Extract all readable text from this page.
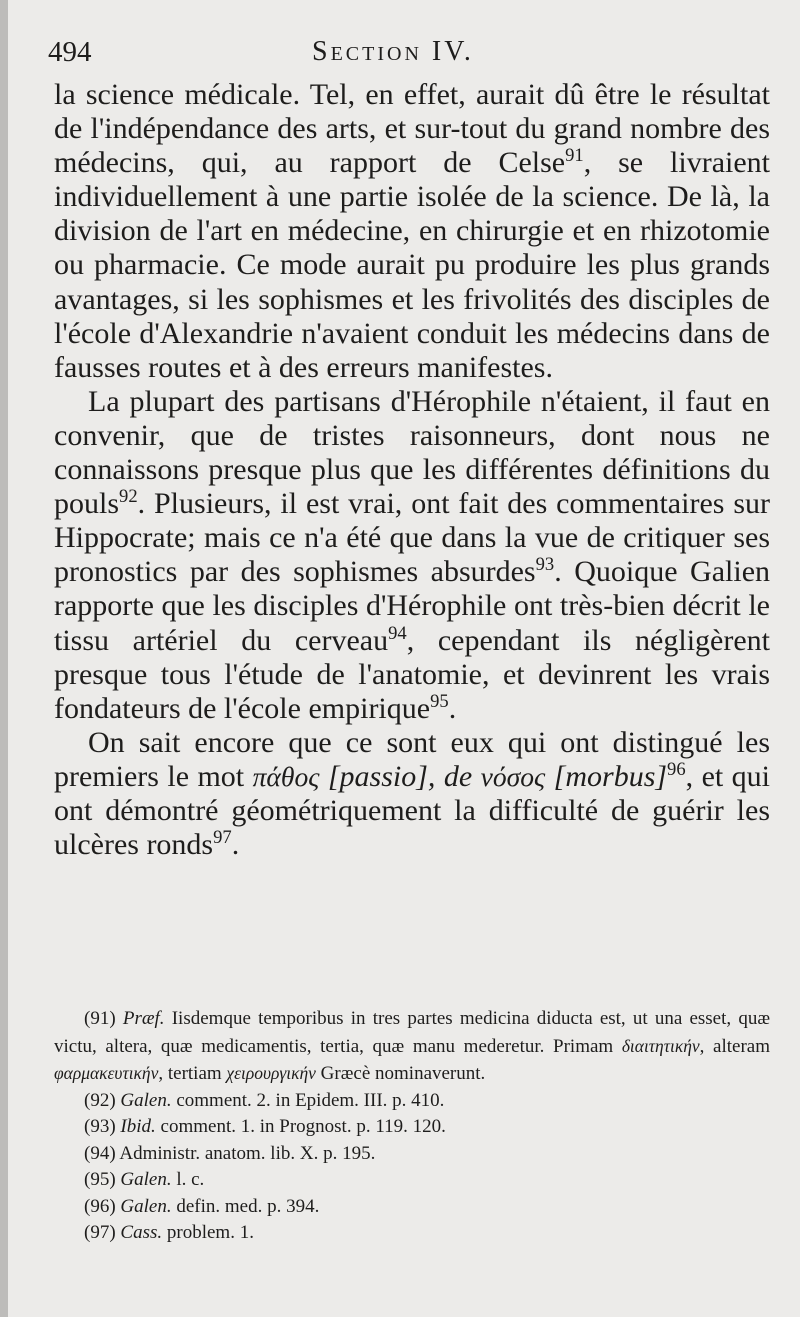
494	Section IV.

la science médicale. Tel, en effet, aurait dû être le résultat de l'indépendance des arts, et sur-tout du grand nombre des médecins, qui, au rapport de Celse$^{91}$, se livraient individuellement à une partie isolée de la science. De là, la division de l'art en médecine, en chirurgie et en rhizotomie ou pharmacie. Ce mode aurait pu produire les plus grands avantages, si les sophismes et les frivolités des disciples de l'école d'Alexandrie n'avaient conduit les médecins dans de fausses routes et à des erreurs manifestes.

La plupart des partisans d'Hérophile n'étaient, il faut en convenir, que de tristes raisonneurs, dont nous ne connaissons presque plus que les différentes définitions du pouls$^{92}$. Plusieurs, il est vrai, ont fait des commentaires sur Hippocrate; mais ce n'a été que dans la vue de critiquer ses pronostics par des sophismes absurdes$^{93}$. Quoique Galien rapporte que les disciples d'Hérophile ont très-bien décrit le tissu artériel du cerveau$^{94}$, cependant ils négligèrent presque tous l'étude de l'anatomie, et devinrent les vrais fondateurs de l'école empirique$^{95}$.

On sait encore que ce sont eux qui ont distingué les premiers le mot πάθος [passio], de νόσος [morbus]$^{96}$, et qui ont démontré géométriquement la difficulté de guérir les ulcères ronds$^{97}$.

(91) Præf. Iisdemque temporibus in tres partes medicina diducta est, ut una esset, quæ victu, altera, quæ medicamentis, tertia, quæ manu mederetur. Primam διαιτητικήν, alteram φαρμακευτικήν, tertiam χειρουργικήν Græcè nominaverunt.

(92) Galen. comment. 2. in Epidem. III. p. 410.

(93) Ibid. comment. 1. in Prognost. p. 119. 120.

(94) Administr. anatom. lib. X. p. 195.

(95) Galen. l. c.

(96) Galen. defin. med. p. 394.

(97) Cass. problem. 1.
